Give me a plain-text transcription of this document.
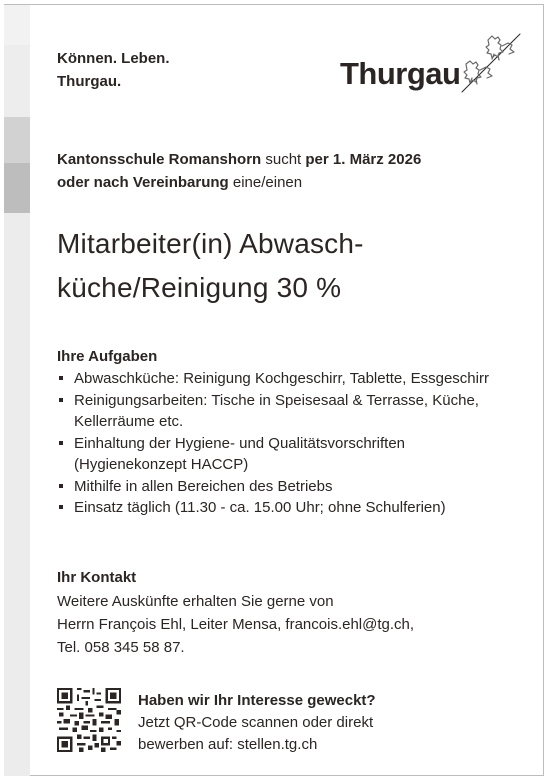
Können. Leben.
Thurgau.	Thurgau
Kantonsschule Romanshorn sucht per 1. März 2026
oder nach Vereinbarung eine/einen
Mitarbeiter(in) Abwasch-
küche/Reinigung 30 %
Ihre Aufgaben
Abwaschküche: Reinigung Kochgeschirr, Tablette, Essgeschirr
Reinigungsarbeiten: Tische in Speisesaal & Terrasse, Küche, Kellerräume etc.
Einhaltung der Hygiene- und Qualitätsvorschriften (Hygienekonzept HACCP)
Mithilfe in allen Bereichen des Betriebs
Einsatz täglich (11.30 - ca. 15.00 Uhr; ohne Schulferien)
Ihr Kontakt
Weitere Auskünfte erhalten Sie gerne von
Herrn François Ehl, Leiter Mensa, francois.ehl@tg.ch,
Tel. 058 345 58 87.
Haben wir Ihr Interesse geweckt?
Jetzt QR-Code scannen oder direkt
bewerben auf: stellen.tg.ch
